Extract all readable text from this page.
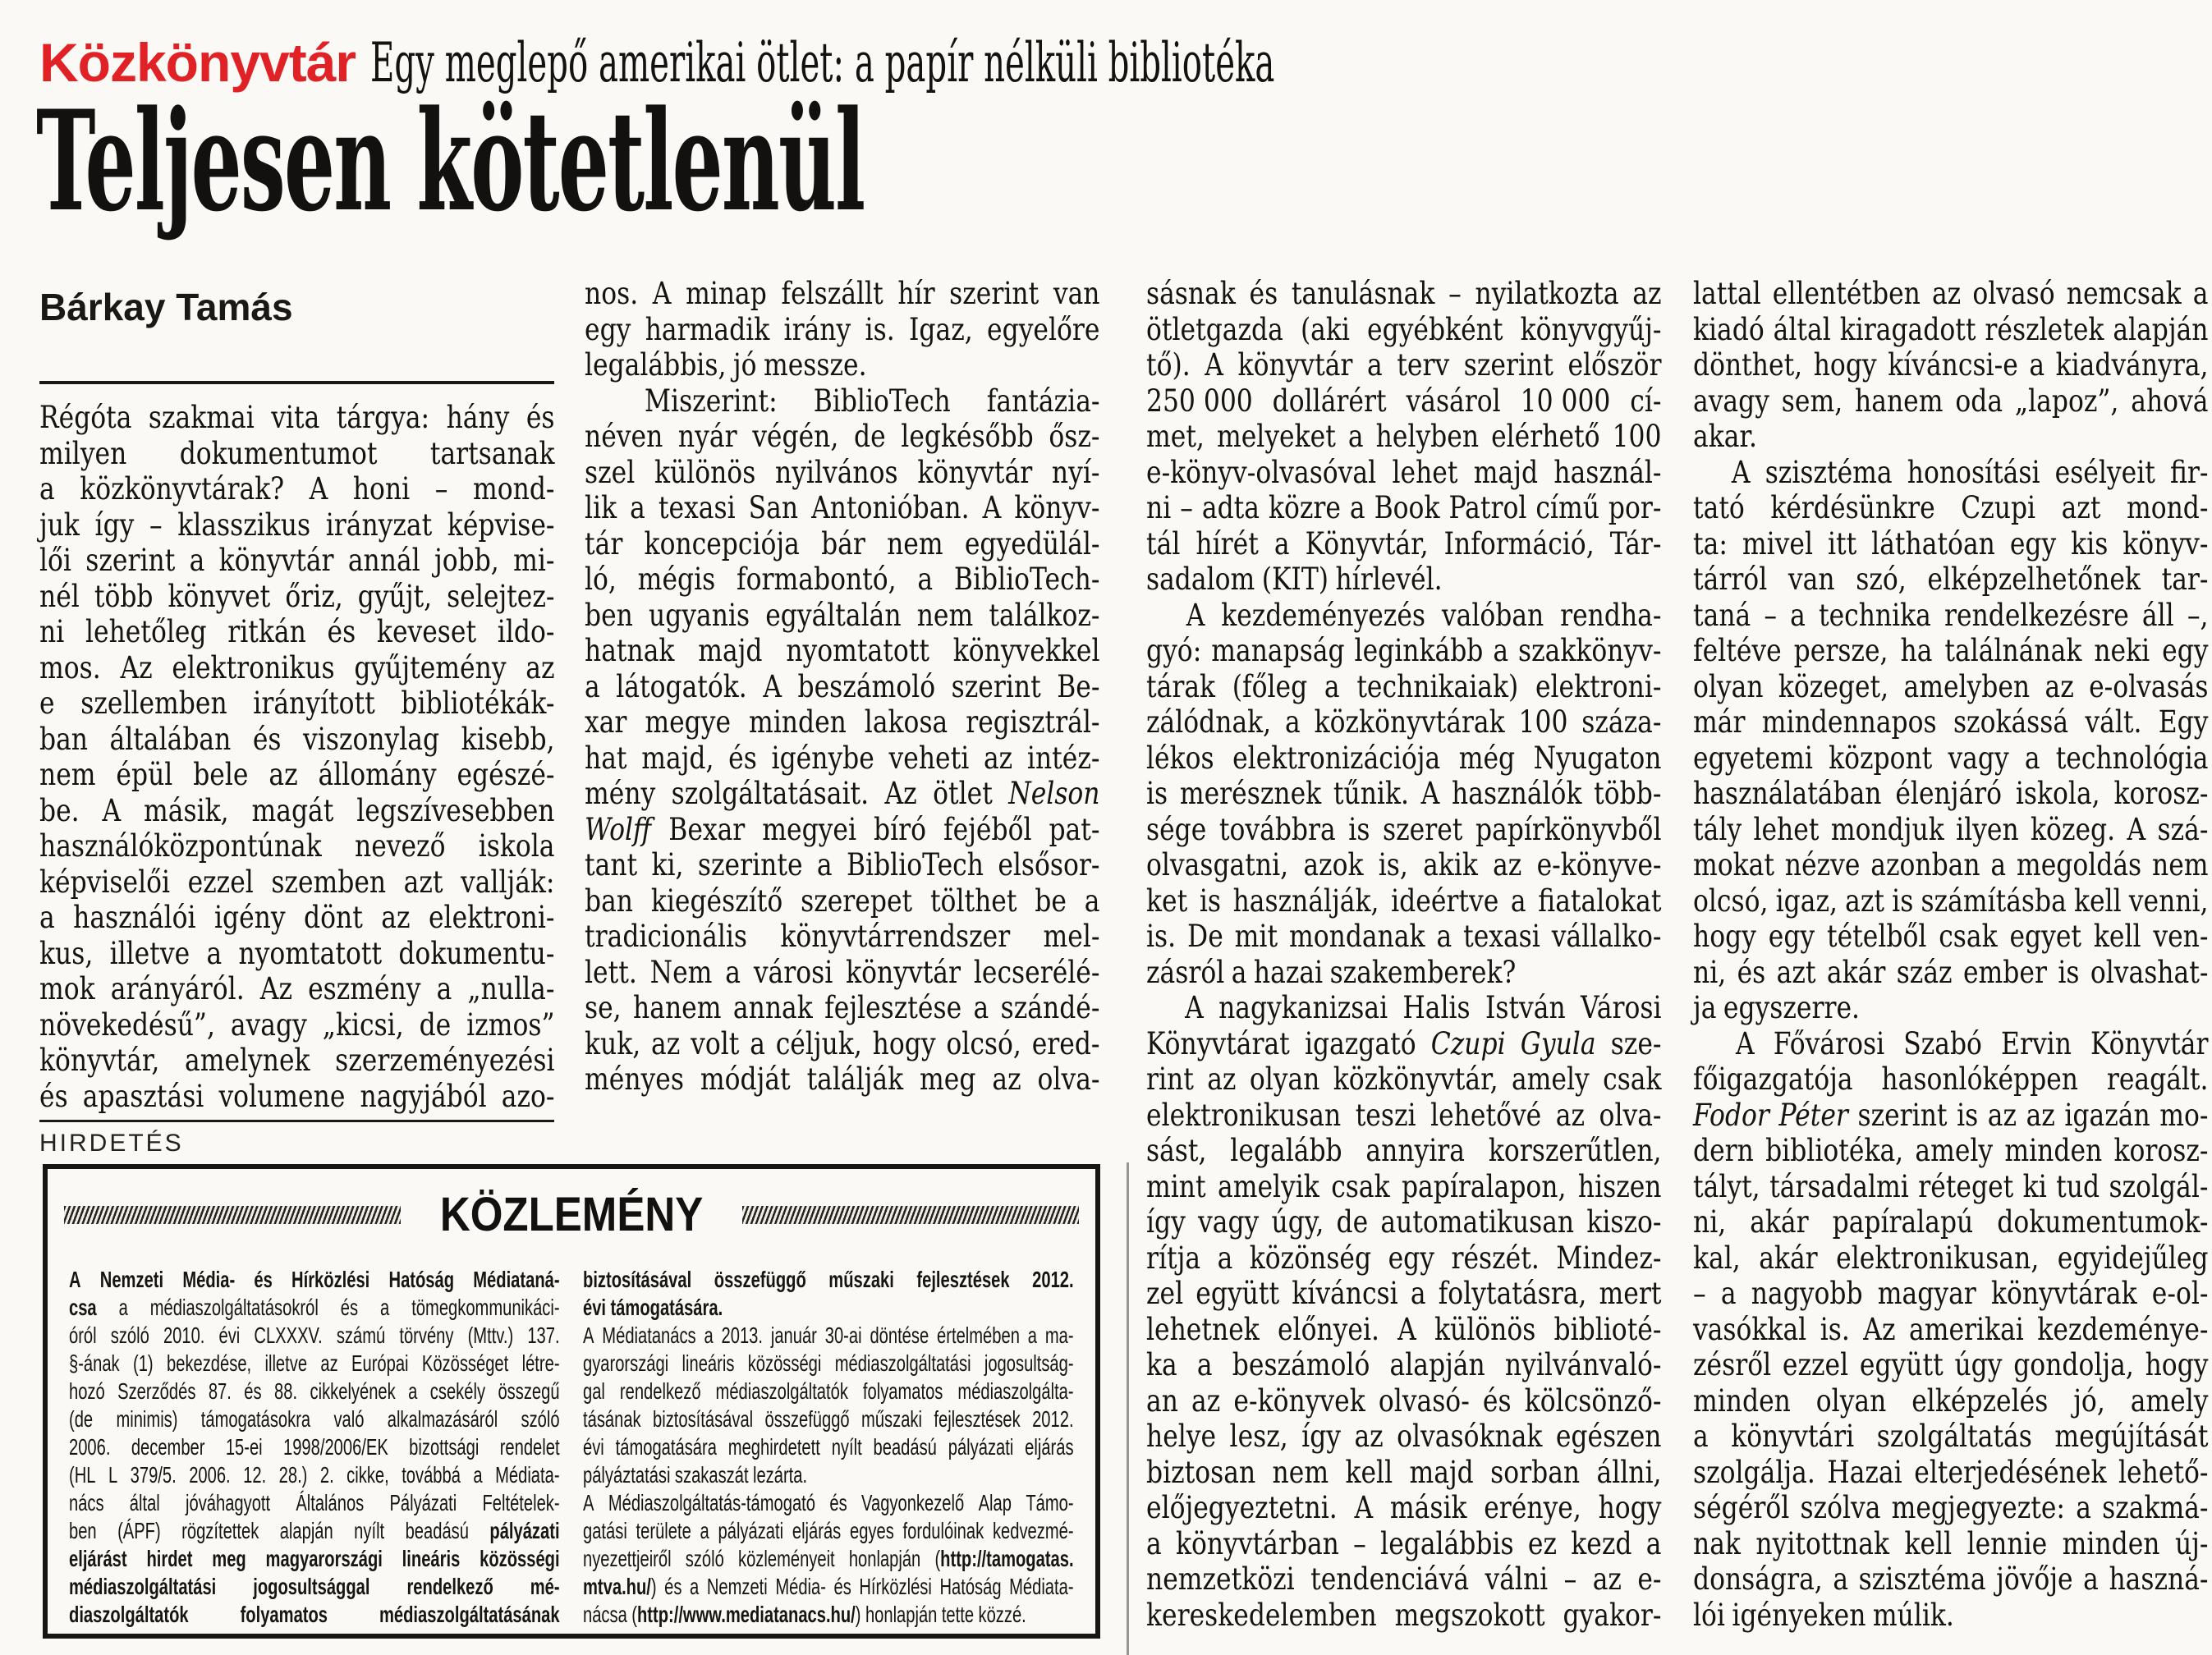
Közkönyvtár Egy meglepő amerikai ötlet: a papír nélküli bibliotéka
Teljesen kötetlenül
Bárkay Tamás
Régóta szakmai vita tárgya: hány és
milyen dokumentumot tartsanak
a közkönyvtárak? A honi – mond-
juk így – klasszikus irányzat képvise-
lői szerint a könyvtár annál jobb, mi-
nél több könyvet őriz, gyűjt, selejtez-
ni lehetőleg ritkán és keveset ildo-
mos. Az elektronikus gyűjtemény az
e szellemben irányított bibliotékák-
ban általában és viszonylag kisebb,
nem épül bele az állomány egészé-
be. A másik, magát legszívesebben
használóközpontúnak nevező iskola
képviselői ezzel szemben azt vallják:
a használói igény dönt az elektroni-
kus, illetve a nyomtatott dokumentu-
mok arányáról. Az eszmény a „nulla-
növekedésű”, avagy „kicsi, de izmos”
könyvtár, amelynek szerzeményezési
és apasztási volumene nagyjából azo-
nos. A minap felszállt hír szerint van
egy harmadik irány is. Igaz, egyelőre
legalábbis, jó messze.
Miszerint: BiblioTech fantázia-
néven nyár végén, de legkésőbb ősz-
szel különös nyilvános könyvtár nyí-
lik a texasi San Antonióban. A könyv-
tár koncepciója bár nem egyedülál-
ló, mégis formabontó, a BiblioTech-
ben ugyanis egyáltalán nem találkoz-
hatnak majd nyomtatott könyvekkel
a látogatók. A beszámoló szerint Be-
xar megye minden lakosa regisztrál-
hat majd, és igénybe veheti az intéz-
mény szolgáltatásait. Az ötlet Nelson
Wolff Bexar megyei bíró fejéből pat-
tant ki, szerinte a BiblioTech elsősor-
ban kiegészítő szerepet tölthet be a
tradicionális könyvtárrendszer mel-
lett. Nem a városi könyvtár lecserélé-
se, hanem annak fejlesztése a szándé-
kuk, az volt a céljuk, hogy olcsó, ered-
ményes módját találják meg az olva-
sásnak és tanulásnak – nyilatkozta az
ötletgazda (aki egyébként könyvgyűj-
tő). A könyvtár a terv szerint először
250 000 dollárért vásárol 10 000 cí-
met, melyeket a helyben elérhető 100
e-könyv-olvasóval lehet majd használ-
ni – adta közre a Book Patrol című por-
tál hírét a Könyvtár, Információ, Tár-
sadalom (KIT) hírlevél.
A kezdeményezés valóban rendha-
gyó: manapság leginkább a szakkönyv-
tárak (főleg a technikaiak) elektroni-
zálódnak, a közkönyvtárak 100 száza-
lékos elektronizációja még Nyugaton
is merésznek tűnik. A használók több-
sége továbbra is szeret papírkönyvből
olvasgatni, azok is, akik az e-könyve-
ket is használják, ideértve a fiatalokat
is. De mit mondanak a texasi vállalko-
zásról a hazai szakemberek?
A nagykanizsai Halis István Városi
Könyvtárat igazgató Czupi Gyula sze-
rint az olyan közkönyvtár, amely csak
elektronikusan teszi lehetővé az olva-
sást, legalább annyira korszerűtlen,
mint amelyik csak papíralapon, hiszen
így vagy úgy, de automatikusan kiszo-
rítja a közönség egy részét. Mindez-
zel együtt kíváncsi a folytatásra, mert
lehetnek előnyei. A különös biblioté-
ka a beszámoló alapján nyilvánvaló-
an az e-könyvek olvasó- és kölcsönző-
helye lesz, így az olvasóknak egészen
biztosan nem kell majd sorban állni,
előjegyeztetni. A másik erénye, hogy
a könyvtárban – legalábbis ez kezd a
nemzetközi tendenciává válni – az e-
kereskedelemben megszokott gyakor-
lattal ellentétben az olvasó nemcsak a
kiadó által kiragadott részletek alapján
dönthet, hogy kíváncsi-e a kiadványra,
avagy sem, hanem oda „lapoz”, ahová
akar.
A szisztéma honosítási esélyeit fir-
tató kérdésünkre Czupi azt mond-
ta: mivel itt láthatóan egy kis könyv-
tárról van szó, elképzelhetőnek tar-
taná – a technika rendelkezésre áll –,
feltéve persze, ha találnának neki egy
olyan közeget, amelyben az e-olvasás
már mindennapos szokássá vált. Egy
egyetemi központ vagy a technológia
használatában élenjáró iskola, korosz-
tály lehet mondjuk ilyen közeg. A szá-
mokat nézve azonban a megoldás nem
olcsó, igaz, azt is számításba kell venni,
hogy egy tételből csak egyet kell ven-
ni, és azt akár száz ember is olvashat-
ja egyszerre.
A Fővárosi Szabó Ervin Könyvtár
főigazgatója hasonlóképpen reagált.
Fodor Péter szerint is az az igazán mo-
dern bibliotéka, amely minden korosz-
tályt, társadalmi réteget ki tud szolgál-
ni, akár papíralapú dokumentumok-
kal, akár elektronikusan, egyidejűleg
– a nagyobb magyar könyvtárak e-ol-
vasókkal is. Az amerikai kezdeménye-
zésről ezzel együtt úgy gondolja, hogy
minden olyan elképzelés jó, amely
a könyvtári szolgáltatás megújítását
szolgálja. Hazai elterjedésének lehető-
ségéről szólva megjegyezte: a szakmá-
nak nyitottnak kell lennie minden új-
donságra, a szisztéma jövője a haszná-
lói igényeken múlik.
HIRDETÉS
KÖZLEMÉNY
A Nemzeti Média- és Hírközlési Hatóság Médiataná-
csa a médiaszolgáltatásokról és a tömegkommunikáci-
óról szóló 2010. évi CLXXXV. számú törvény (Mttv.) 137.
§-ának (1) bekezdése, illetve az Európai Közösséget létre-
hozó Szerződés 87. és 88. cikkelyének a csekély összegű
(de minimis) támogatásokra való alkalmazásáról szóló
2006. december 15-ei 1998/2006/EK bizottsági rendelet
(HL L 379/5. 2006. 12. 28.) 2. cikke, továbbá a Médiata-
nács által jóváhagyott Általános Pályázati Feltételek-
ben (ÁPF) rögzítettek alapján nyílt beadású pályázati
eljárást hirdet meg magyarországi lineáris közösségi
médiaszolgáltatási jogosultsággal rendelkező mé-
diaszolgáltatók folyamatos médiaszolgáltatásának
biztosításával összefüggő műszaki fejlesztések 2012.
évi támogatására.
A Médiatanács a 2013. január 30-ai döntése értelmében a ma-
gyarországi lineáris közösségi médiaszolgáltatási jogosultság-
gal rendelkező médiaszolgáltatók folyamatos médiaszolgálta-
tásának biztosításával összefüggő műszaki fejlesztések 2012.
évi támogatására meghirdetett nyílt beadású pályázati eljárás
pályáztatási szakaszát lezárta.
A Médiaszolgáltatás-támogató és Vagyonkezelő Alap Támo-
gatási területe a pályázati eljárás egyes fordulóinak kedvezmé-
nyezettjeiről szóló közleményeit honlapján (http://tamogatas.
mtva.hu/) és a Nemzeti Média- és Hírközlési Hatóság Médiata-
nácsa (http://www.mediatanacs.hu/) honlapján tette közzé.
